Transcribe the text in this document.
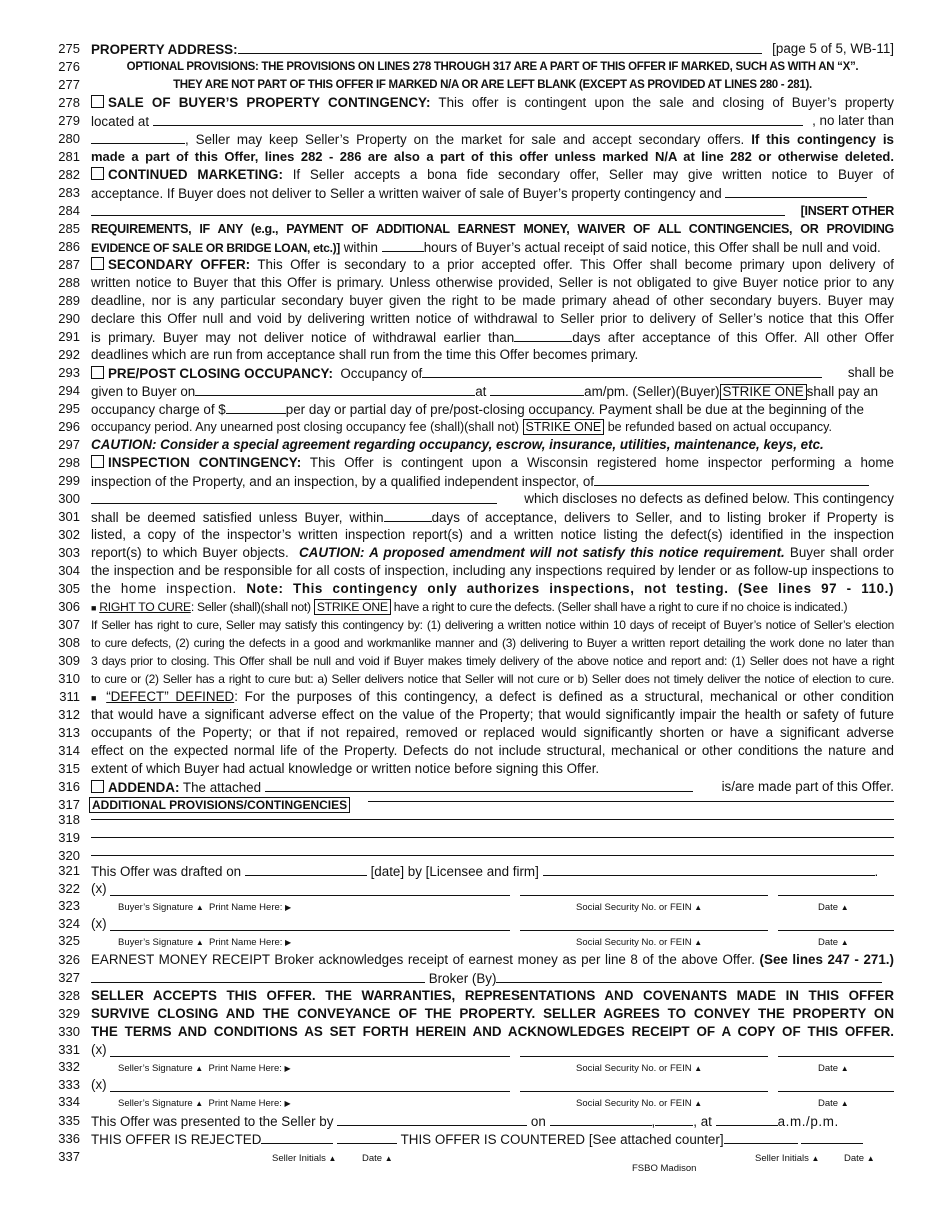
275
276
277
278
279
280
281
282
283
284
285
286
287
288
289
290
291
292
293
294
295
296
297
298
299
300
301
302
303
304
305
306
307
308
309
310
311
312
313
314
315
316
317
318
319
320
321
322
323
324
325
326
327
328
329
330
331
332
333
334
335
336
337
PROPERTY ADDRESS:	[page 5 of 5, WB-11]
OPTIONAL PROVISIONS: THE PROVISIONS ON LINES 278 THROUGH 317 ARE A PART OF THIS OFFER IF MARKED, SUCH AS WITH AN “X”.
THEY ARE NOT PART OF THIS OFFER IF MARKED N/A OR ARE LEFT BLANK (EXCEPT AS PROVIDED AT LINES 280 - 281).
SALE OF BUYER’S PROPERTY CONTINGENCY: This offer is contingent upon the sale and closing of Buyer’s property
located at	, no later than
, Seller may keep Seller’s Property on the market for sale and accept secondary offers. If this contingency is
made a part of this Offer, lines 282 - 286 are also a part of this offer unless marked N/A at line 282 or otherwise deleted.
CONTINUED MARKETING: If Seller accepts a bona fide secondary offer, Seller may give written notice to Buyer of
acceptance. If Buyer does not deliver to Seller a written waiver of sale of Buyer’s property contingency and
[INSERT OTHER
REQUIREMENTS, IF ANY (e.g., PAYMENT OF ADDITIONAL EARNEST MONEY, WAIVER OF ALL CONTINGENCIES, OR PROVIDING
EVIDENCE OF SALE OR BRIDGE LOAN, etc.)] within	hours of Buyer’s actual receipt of said notice, this Offer shall be null and void.
SECONDARY OFFER: This Offer is secondary to a prior accepted offer. This Offer shall become primary upon delivery of
written notice to Buyer that this Offer is primary. Unless otherwise provided, Seller is not obligated to give Buyer notice prior to any
deadline, nor is any particular secondary buyer given the right to be made primary ahead of other secondary buyers. Buyer may
declare this Offer null and void by delivering written notice of withdrawal to Seller prior to delivery of Seller’s notice that this Offer
is primary. Buyer may not deliver notice of withdrawal earlier than	days after acceptance of this Offer. All other Offer
deadlines which are run from acceptance shall run from the time this Offer becomes primary.
PRE/POST CLOSING OCCUPANCY: Occupancy of	shall be
given to Buyer on	at	am/pm. (Seller)(Buyer) STRIKE ONE shall pay an
occupancy charge of $	per day or partial day of pre/post-closing occupancy. Payment shall be due at the beginning of the
occupancy period. Any unearned post closing occupancy fee (shall)(shall not) STRIKE ONE be refunded based on actual occupancy.
CAUTION: Consider a special agreement regarding occupancy, escrow, insurance, utilities, maintenance, keys, etc.
INSPECTION CONTINGENCY: This Offer is contingent upon a Wisconsin registered home inspector performing a home
inspection of the Property, and an inspection, by a qualified independent inspector, of
which discloses no defects as defined below. This contingency
shall be deemed satisfied unless Buyer, within	days of acceptance, delivers to Seller, and to listing broker if Property is
listed, a copy of the inspector’s written inspection report(s) and a written notice listing the defect(s) identified in the inspection
report(s) to which Buyer objects. CAUTION: A proposed amendment will not satisfy this notice requirement. Buyer shall order
the inspection and be responsible for all costs of inspection, including any inspections required by lender or as follow-up inspections to
the home inspection. Note: This contingency only authorizes inspections, not testing. (See lines 97 - 110.)
■ RIGHT TO CURE: Seller (shall)(shall not) STRIKE ONE have a right to cure the defects. (Seller shall have a right to cure if no choice is indicated.)
If Seller has right to cure, Seller may satisfy this contingency by: (1) delivering a written notice within 10 days of receipt of Buyer’s notice of Seller’s election
to cure defects, (2) curing the defects in a good and workmanlike manner and (3) delivering to Buyer a written report detailing the work done no later than
3 days prior to closing. This Offer shall be null and void if Buyer makes timely delivery of the above notice and report and: (1) Seller does not have a right
to cure or (2) Seller has a right to cure but: a) Seller delivers notice that Seller will not cure or b) Seller does not timely deliver the notice of election to cure.
■ “DEFECT” DEFINED: For the purposes of this contingency, a defect is defined as a structural, mechanical or other condition
that would have a significant adverse effect on the value of the Property; that would significantly impair the health or safety of future
occupants of the Poperty; or that if not repaired, removed or replaced would significantly shorten or have a significant adverse
effect on the expected normal life of the Property. Defects do not include structural, mechanical or other conditions the nature and
extent of which Buyer had actual knowledge or written notice before signing this Offer.
ADDENDA: The attached	is/are made part of this Offer.
ADDITIONAL PROVISIONS/CONTINGENCIES
This Offer was drafted on	[date] by [Licensee and firm]	.
(x)
Buyer’s Signature ▲ Print Name Here: ▶	Social Security No. or FEIN ▲	Date ▲
(x)
Buyer’s Signature ▲ Print Name Here: ▶	Social Security No. or FEIN ▲	Date ▲
EARNEST MONEY RECEIPT Broker acknowledges receipt of earnest money as per line 8 of the above Offer. (See lines 247 - 271.)
Broker (By)
SELLER ACCEPTS THIS OFFER. THE WARRANTIES, REPRESENTATIONS AND COVENANTS MADE IN THIS OFFER
SURVIVE CLOSING AND THE CONVEYANCE OF THE PROPERTY. SELLER AGREES TO CONVEY THE PROPERTY ON
THE TERMS AND CONDITIONS AS SET FORTH HEREIN AND ACKNOWLEDGES RECEIPT OF A COPY OF THIS OFFER.
(x)
Seller’s Signature ▲ Print Name Here: ▶	Social Security No. or FEIN ▲	Date ▲
(x)
Seller’s Signature ▲ Print Name Here: ▶	Social Security No. or FEIN ▲	Date ▲
This Offer was presented to the Seller by	on	,	, at	a.m./p.m.
THIS OFFER IS REJECTED	THIS OFFER IS COUNTERED [See attached counter]
Seller Initials ▲	Date ▲	Seller Initials ▲	Date ▲
FSBO Madison
